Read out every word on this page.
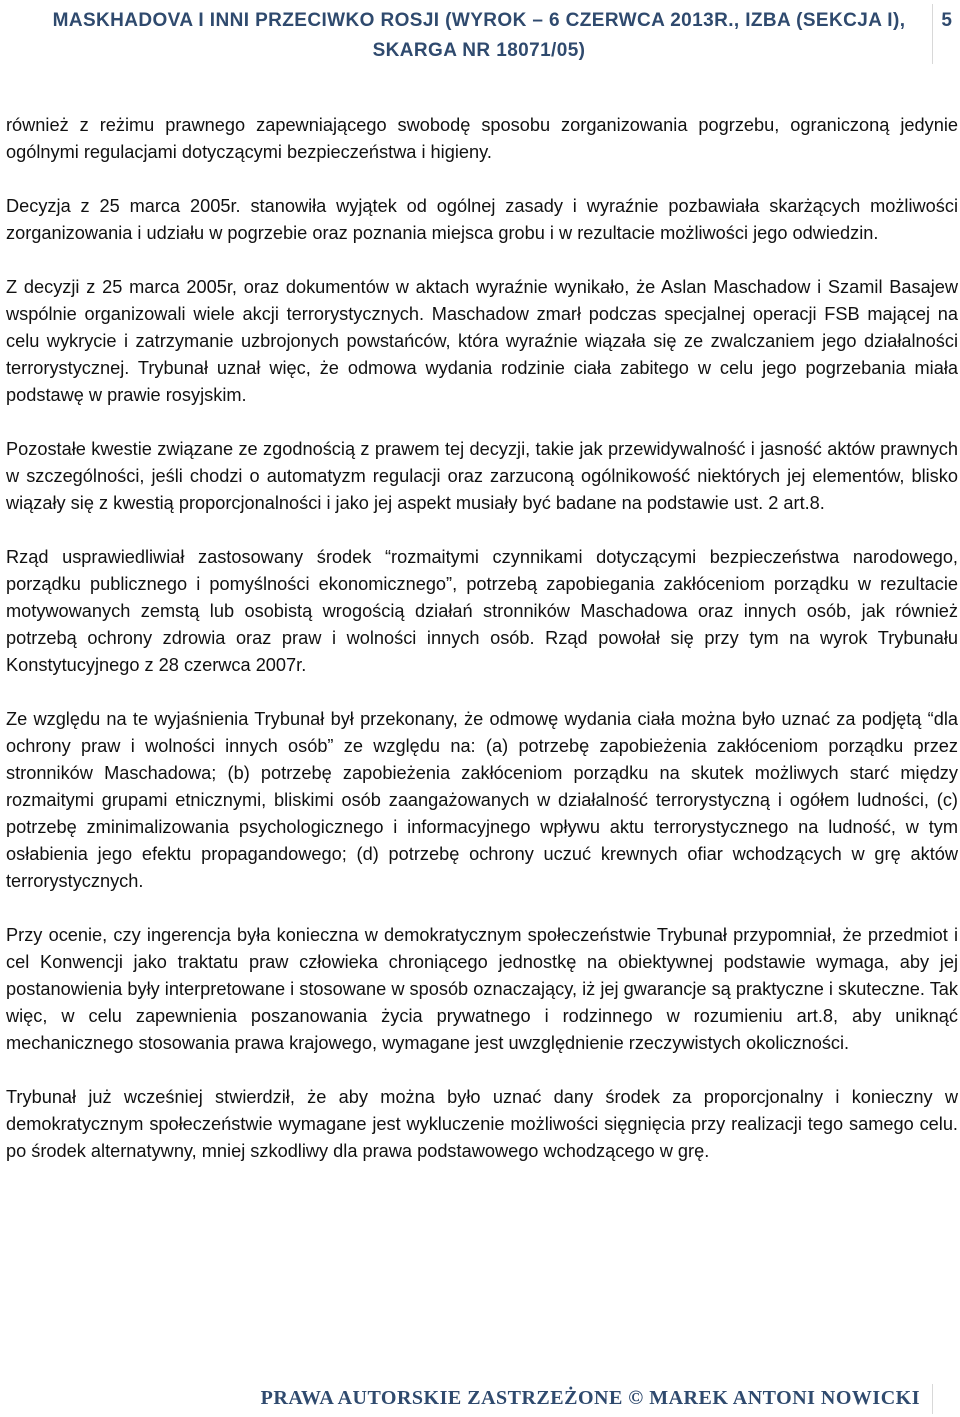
MASKHADOVA I INNI PRZECIWKO ROSJI (WYROK – 6 CZERWCA 2013R., IZBA (SEKCJA I),
SKARGA NR 18071/05)
5

również z reżimu prawnego zapewniającego swobodę sposobu zorganizowania pogrzebu, ograniczoną jedynie ogólnymi regulacjami dotyczącymi bezpieczeństwa i higieny.

Decyzja z 25 marca 2005r. stanowiła wyjątek od ogólnej zasady i wyraźnie pozbawiała skarżących możliwości zorganizowania i udziału w pogrzebie oraz poznania miejsca grobu i w rezultacie możliwości jego odwiedzin.

Z decyzji z 25 marca 2005r, oraz dokumentów w aktach wyraźnie wynikało, że Aslan Maschadow i Szamil Basajew wspólnie organizowali wiele akcji terrorystycznych. Maschadow zmarł podczas specjalnej operacji FSB mającej na celu wykrycie i zatrzymanie uzbrojonych powstańców, która wyraźnie wiązała się ze zwalczaniem jego działalności terrorystycznej. Trybunał uznał więc, że odmowa wydania rodzinie ciała zabitego w celu jego pogrzebania miała podstawę w prawie rosyjskim.

Pozostałe kwestie związane ze zgodnością z prawem tej decyzji, takie jak przewidywalność i jasność aktów prawnych w szczególności, jeśli chodzi o automatyzm regulacji oraz zarzuconą ogólnikowość niektórych jej elementów, blisko wiązały się z kwestią proporcjonalności i jako jej aspekt musiały być badane na podstawie ust. 2 art.8.

Rząd usprawiedliwiał zastosowany środek “rozmaitymi czynnikami dotyczącymi bezpieczeństwa narodowego, porządku publicznego i pomyślności ekonomicznego”, potrzebą zapobiegania zakłóceniom porządku w rezultacie motywowanych zemstą lub osobistą wrogością działań stronników Maschadowa oraz innych osób, jak również potrzebą ochrony zdrowia oraz praw i wolności innych osób. Rząd powołał się przy tym na wyrok Trybunału Konstytucyjnego z 28 czerwca 2007r.

Ze względu na te wyjaśnienia Trybunał był przekonany, że odmowę wydania ciała można było uznać za podjętą “dla ochrony praw i wolności innych osób” ze względu na: (a) potrzebę zapobieżenia zakłóceniom porządku przez stronników Maschadowa; (b) potrzebę zapobieżenia zakłóceniom porządku na skutek możliwych starć między rozmaitymi grupami etnicznymi, bliskimi osób zaangażowanych w działalność terrorystyczną i ogółem ludności, (c) potrzebę zminimalizowania psychologicznego i informacyjnego wpływu aktu terrorystycznego na ludność, w tym osłabienia jego efektu propagandowego; (d) potrzebę ochrony uczuć krewnych ofiar wchodzących w grę aktów terrorystycznych.

Przy ocenie, czy ingerencja była konieczna w demokratycznym społeczeństwie Trybunał przypomniał, że przedmiot i cel Konwencji jako traktatu praw człowieka chroniącego jednostkę na obiektywnej podstawie wymaga, aby jej postanowienia były interpretowane i stosowane w sposób oznaczający, iż jej gwarancje są praktyczne i skuteczne. Tak więc, w celu zapewnienia poszanowania życia prywatnego i rodzinnego w rozumieniu art.8, aby uniknąć mechanicznego stosowania prawa krajowego, wymagane jest uwzględnienie rzeczywistych okoliczności.

Trybunał już wcześniej stwierdził, że aby można było uznać dany środek za proporcjonalny i konieczny w demokratycznym społeczeństwie wymagane jest wykluczenie możliwości sięgnięcia przy realizacji tego samego celu. po środek alternatywny, mniej szkodliwy dla prawa podstawowego wchodzącego w grę.

PRAWA AUTORSKIE ZASTRZEŻONE © MAREK ANTONI NOWICKI
